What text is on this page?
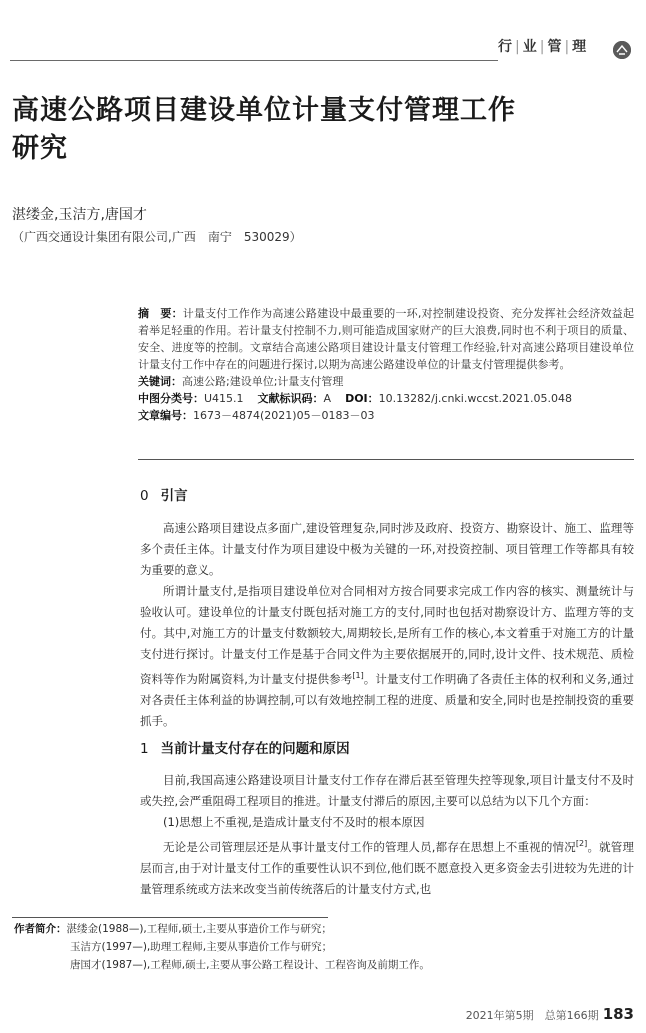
行|业|管|理
高速公路项目建设单位计量支付管理工作
研究
湛缕金,玉洁方,唐国才
（广西交通设计集团有限公司,广西　南宁　530029）
摘　要：计量支付工作作为高速公路建设中最重要的一环,对控制建设投资、充分发挥社会经济效益起着举足轻重的作用。若计量支付控制不力,则可能造成国家财产的巨大浪费,同时也不利于项目的质量、安全、进度等的控制。文章结合高速公路项目建设计量支付管理工作经验,针对高速公路项目建设单位计量支付工作中存在的问题进行探讨,以期为高速公路建设单位的计量支付管理提供参考。
关键词：高速公路;建设单位;计量支付管理
中图分类号：U415.1 文献标识码：A DOI：10.13282/j.cnki.wccst.2021.05.048
文章编号：1673－4874(2021)05－0183－03
0 引言

高速公路项目建设点多面广,建设管理复杂,同时涉及政府、投资方、勘察设计、施工、监理等多个责任主体。计量支付作为项目建设中极为关键的一环,对投资控制、项目管理工作等都具有较为重要的意义。

所谓计量支付,是指项目建设单位对合同相对方按合同要求完成工作内容的核实、测量统计与验收认可。建设单位的计量支付既包括对施工方的支付,同时也包括对勘察设计方、监理方等的支付。其中,对施工方的计量支付数额较大,周期较长,是所有工作的核心,本文着重于对施工方的计量支付进行探讨。计量支付工作是基于合同文件为主要依据展开的,同时,设计文件、技术规范、质检资料等作为附属资料,为计量支付提供参考[1]。计量支付工作明确了各责任主体的权利和义务,通过对各责任主体利益的协调控制,可以有效地控制工程的进度、质量和安全,同时也是控制投资的重要抓手。

1 当前计量支付存在的问题和原因

目前,我国高速公路建设项目计量支付工作存在滞后甚至管理失控等现象,项目计量支付不及时或失控,会严重阻碍工程项目的推进。计量支付滞后的原因,主要可以总结为以下几个方面：

(1)思想上不重视,是造成计量支付不及时的根本原因

无论是公司管理层还是从事计量支付工作的管理人员,都存在思想上不重视的情况[2]。就管理层而言,由于对计量支付工作的重要性认识不到位,他们既不愿意投入更多资金去引进较为先进的计量管理系统或方法来改变当前传统落后的计量支付方式,也

作者简介：湛缕金(1988—),工程师,硕士,主要从事造价工作与研究；
玉洁方(1997—),助理工程师,主要从事造价工作与研究；
唐国才(1987—),工程师,硕士,主要从事公路工程设计、工程咨询及前期工作。
2021年第5期　总第166期 183
